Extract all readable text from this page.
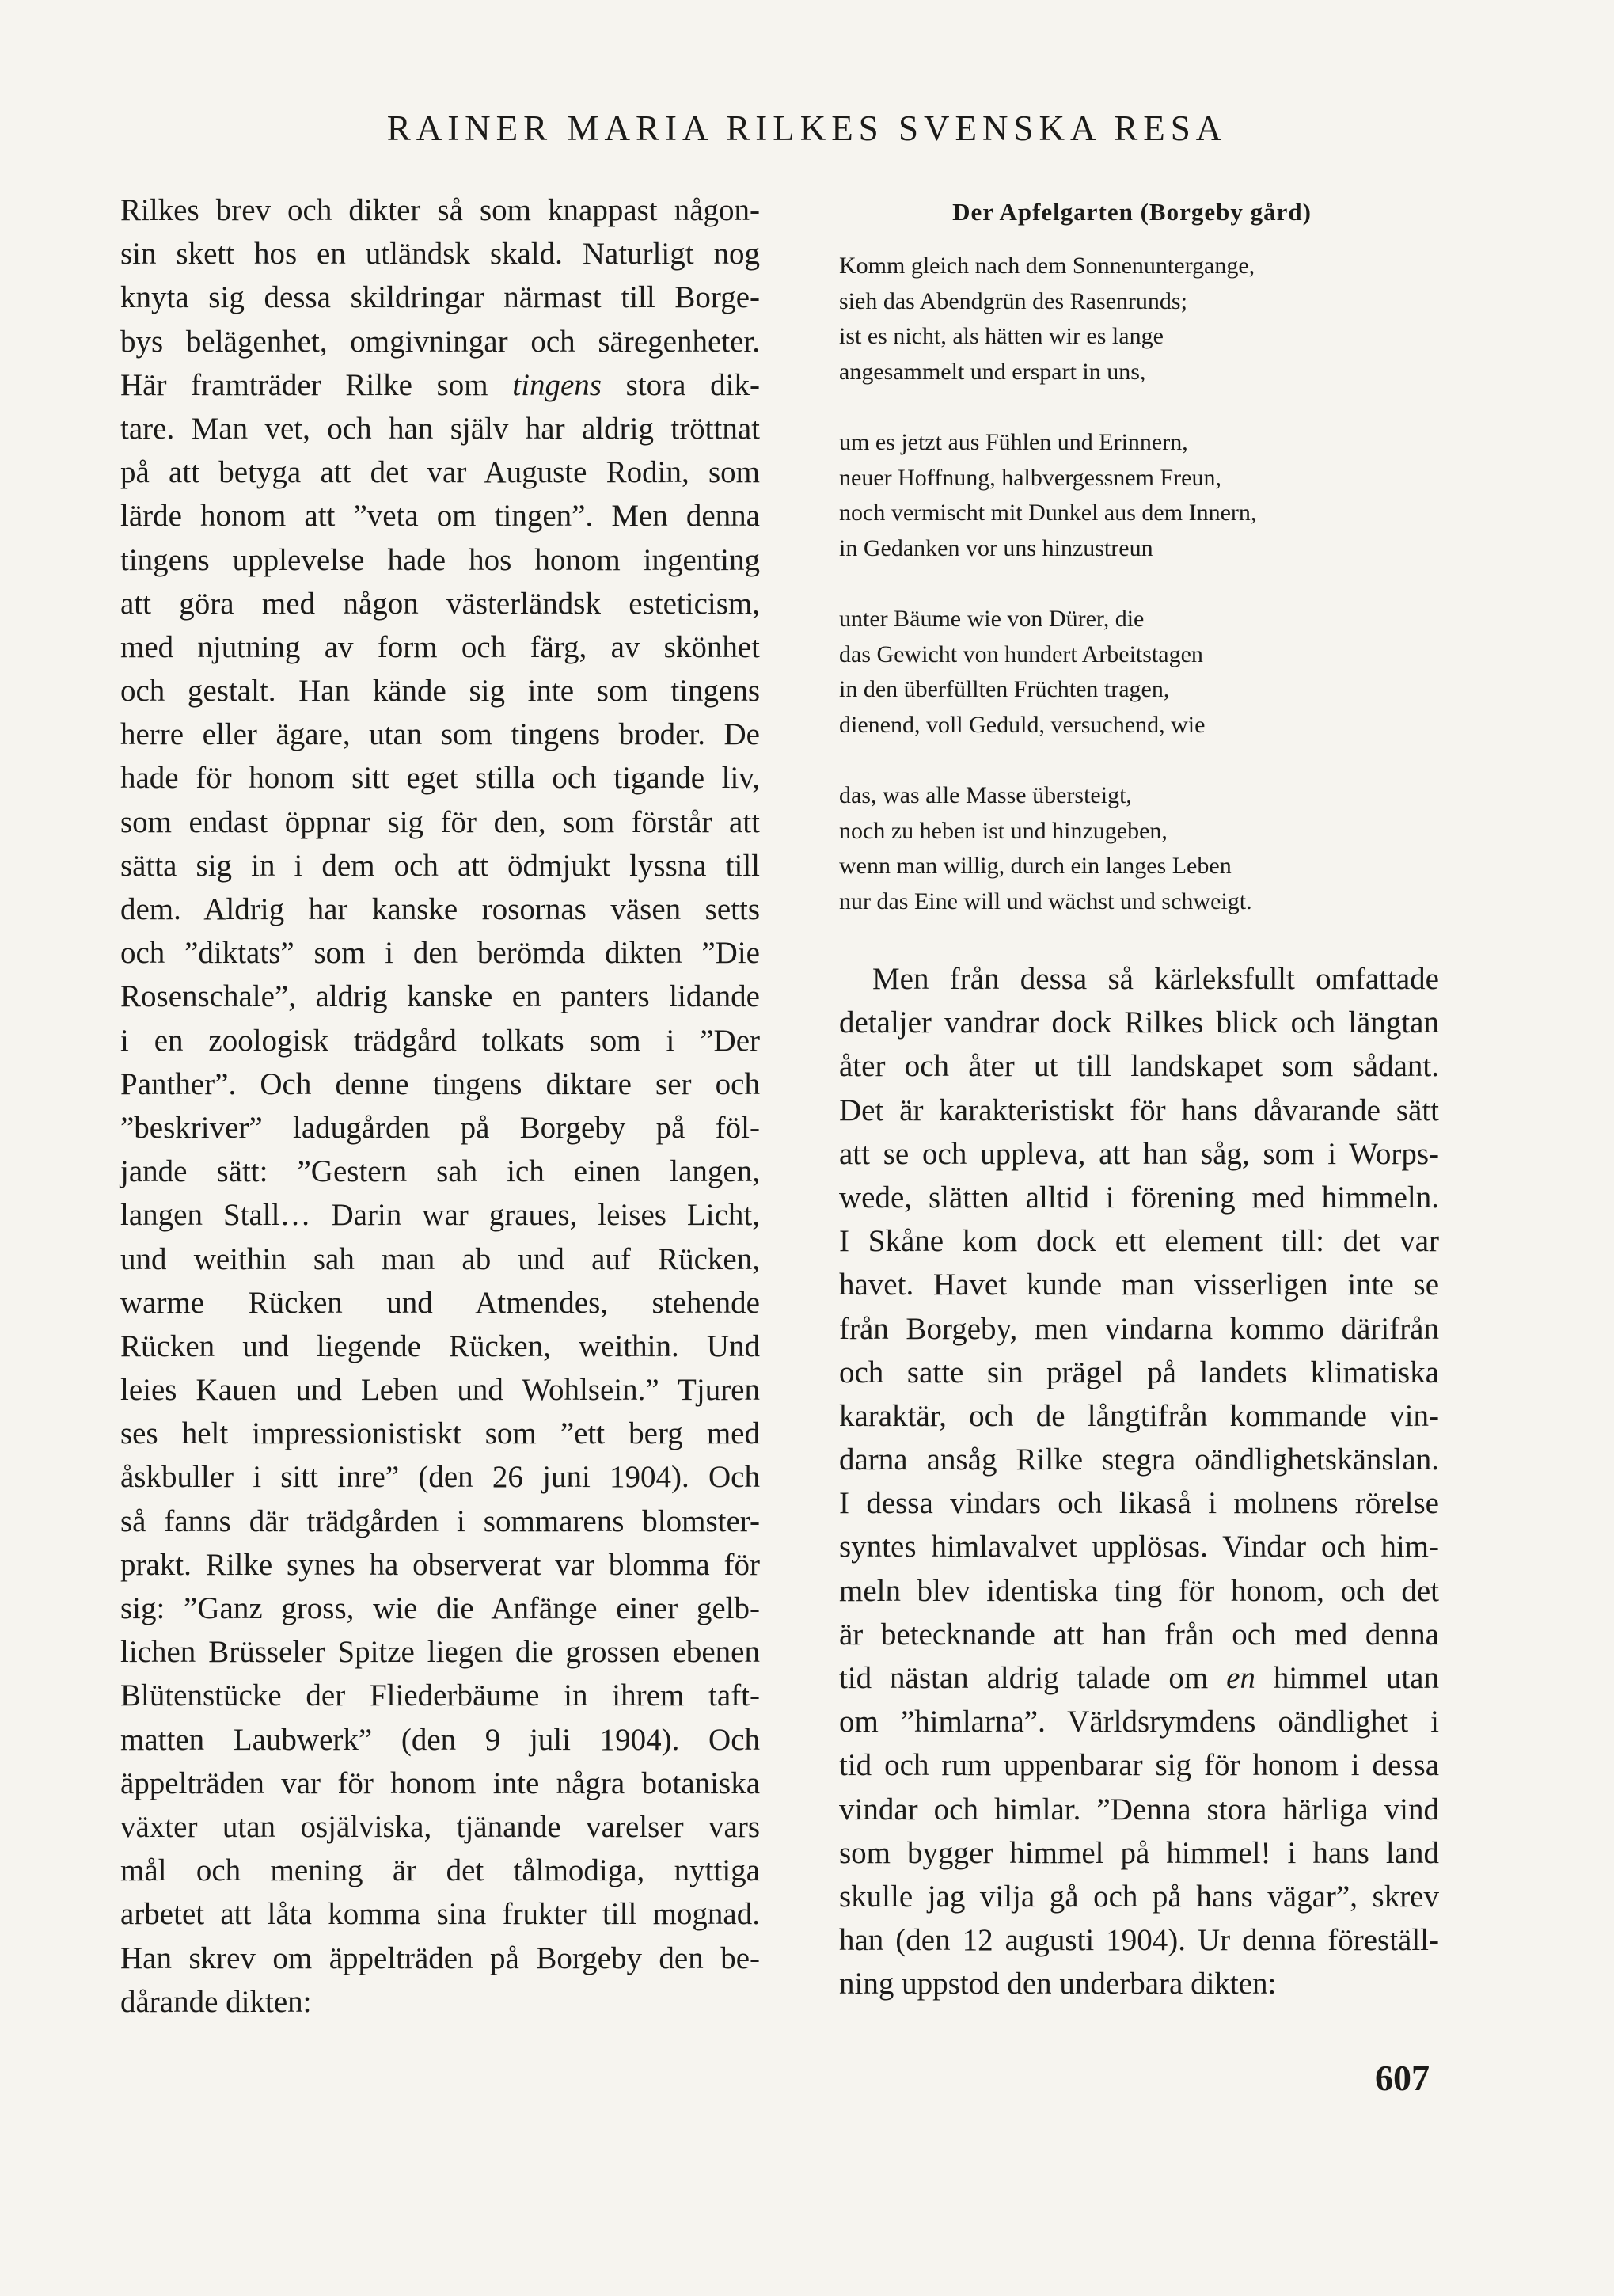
RAINER MARIA RILKES SVENSKA RESA
Rilkes brev och dikter så som knappast någon-
sin skett hos en utländsk skald. Naturligt nog
knyta sig dessa skildringar närmast till Borge-
bys belägenhet, omgivningar och säregenheter.
Här framträder Rilke som tingens stora dik-
tare. Man vet, och han själv har aldrig tröttnat
på att betyga att det var Auguste Rodin, som
lärde honom att ”veta om tingen”. Men denna
tingens upplevelse hade hos honom ingenting
att göra med någon västerländsk esteticism,
med njutning av form och färg, av skönhet
och gestalt. Han kände sig inte som tingens
herre eller ägare, utan som tingens broder. De
hade för honom sitt eget stilla och tigande liv,
som endast öppnar sig för den, som förstår att
sätta sig in i dem och att ödmjukt lyssna till
dem. Aldrig har kanske rosornas väsen setts
och ”diktats” som i den berömda dikten ”Die
Rosenschale”, aldrig kanske en panters lidande
i en zoologisk trädgård tolkats som i ”Der
Panther”. Och denne tingens diktare ser och
”beskriver” ladugården på Borgeby på föl-
jande sätt: ”Gestern sah ich einen langen,
langen Stall… Darin war graues, leises Licht,
und weithin sah man ab und auf Rücken,
warme Rücken und Atmendes, stehende
Rücken und liegende Rücken, weithin. Und
leies Kauen und Leben und Wohlsein.” Tjuren
ses helt impressionistiskt som ”ett berg med
åskbuller i sitt inre” (den 26 juni 1904). Och
så fanns där trädgården i sommarens blomster-
prakt. Rilke synes ha observerat var blomma för
sig: ”Ganz gross, wie die Anfänge einer gelb-
lichen Brüsseler Spitze liegen die grossen ebenen
Blütenstücke der Fliederbäume in ihrem taft-
matten Laubwerk” (den 9 juli 1904). Och
äppelträden var för honom inte några botaniska
växter utan osjälviska, tjänande varelser vars
mål och mening är det tålmodiga, nyttiga
arbetet att låta komma sina frukter till mognad.
Han skrev om äppelträden på Borgeby den be-
dårande dikten:
Der Apfelgarten (Borgeby gård)
Komm gleich nach dem Sonnenuntergange,
sieh das Abendgrün des Rasenrunds;
ist es nicht, als hätten wir es lange
angesammelt und erspart in uns,
um es jetzt aus Fühlen und Erinnern,
neuer Hoffnung, halbvergessnem Freun,
noch vermischt mit Dunkel aus dem Innern,
in Gedanken vor uns hinzustreun
unter Bäume wie von Dürer, die
das Gewicht von hundert Arbeitstagen
in den überfüllten Früchten tragen,
dienend, voll Geduld, versuchend, wie
das, was alle Masse übersteigt,
noch zu heben ist und hinzugeben,
wenn man willig, durch ein langes Leben
nur das Eine will und wächst und schweigt.
Men från dessa så kärleksfullt omfattade
detaljer vandrar dock Rilkes blick och längtan
åter och åter ut till landskapet som sådant.
Det är karakteristiskt för hans dåvarande sätt
att se och uppleva, att han såg, som i Worps-
wede, slätten alltid i förening med himmeln.
I Skåne kom dock ett element till: det var
havet. Havet kunde man visserligen inte se
från Borgeby, men vindarna kommo därifrån
och satte sin prägel på landets klimatiska
karaktär, och de långtifrån kommande vin-
darna ansåg Rilke stegra oändlighetskänslan.
I dessa vindars och likaså i molnens rörelse
syntes himlavalvet upplösas. Vindar och him-
meln blev identiska ting för honom, och det
är betecknande att han från och med denna
tid nästan aldrig talade om en himmel utan
om ”himlarna”. Världsrymdens oändlighet i
tid och rum uppenbarar sig för honom i dessa
vindar och himlar. ”Denna stora härliga vind
som bygger himmel på himmel! i hans land
skulle jag vilja gå och på hans vägar”, skrev
han (den 12 augusti 1904). Ur denna föreställ-
ning uppstod den underbara dikten:
607
